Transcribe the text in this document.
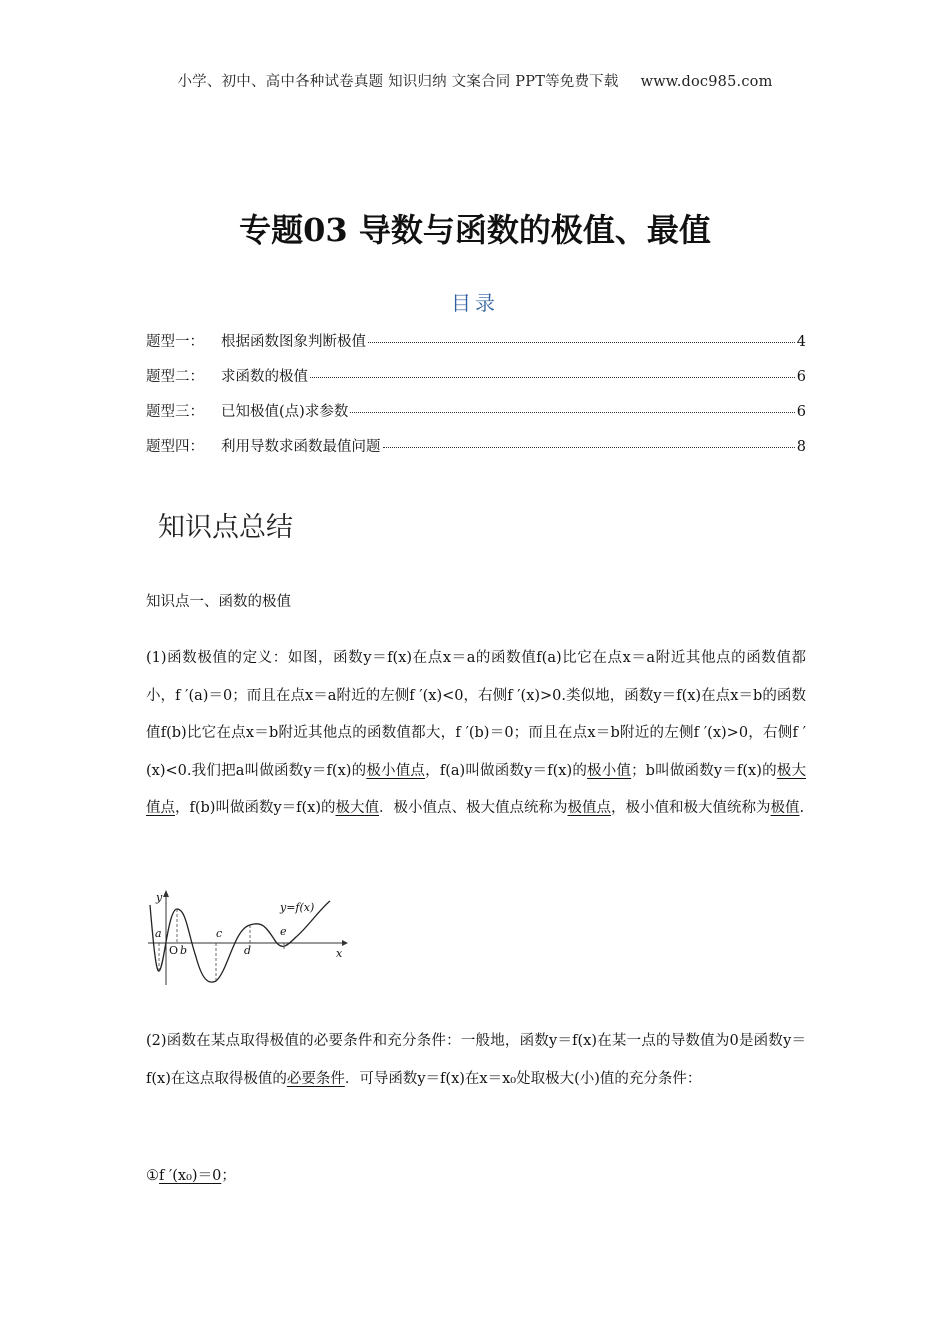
小学、初中、高中各种试卷真题 知识归纳 文案合同 PPT等免费下载 www.doc985.com
专题03 导数与函数的极值、最值
目录
题型一：	根据函数图象判断极值	4
题型二：	求函数的极值	6
题型三：	已知极值(点)求参数	6
题型四：	利用导数求函数最值问题	8
知识点总结
知识点一、函数的极值
(1)函数极值的定义：如图，函数y＝f(x)在点x＝a的函数值f(a)比它在点x＝a附近其他点的函数值都小，f ′(a)＝0；而且在点x＝a附近的左侧f ′(x)<0，右侧f ′(x)>0.类似地，函数y＝f(x)在点x＝b的函数值f(b)比它在点x＝b附近其他点的函数值都大，f ′(b)＝0；而且在点x＝b附近的左侧f ′(x)>0，右侧f ′(x)<0.我们把a叫做函数y＝f(x)的极小值点，f(a)叫做函数y＝f(x)的极小值；b叫做函数y＝f(x)的极大值点，f(b)叫做函数y＝f(x)的极大值．极小值点、极大值点统称为极值点，极小值和极大值统称为极值.
y
x
y=f(x)
a
O b
c
d
e
(2)函数在某点取得极值的必要条件和充分条件：一般地，函数y＝f(x)在某一点的导数值为0是函数y＝f(x)在这点取得极值的必要条件．可导函数y＝f(x)在x＝x₀处取极大(小)值的充分条件：
①f ′(x₀)＝0；
